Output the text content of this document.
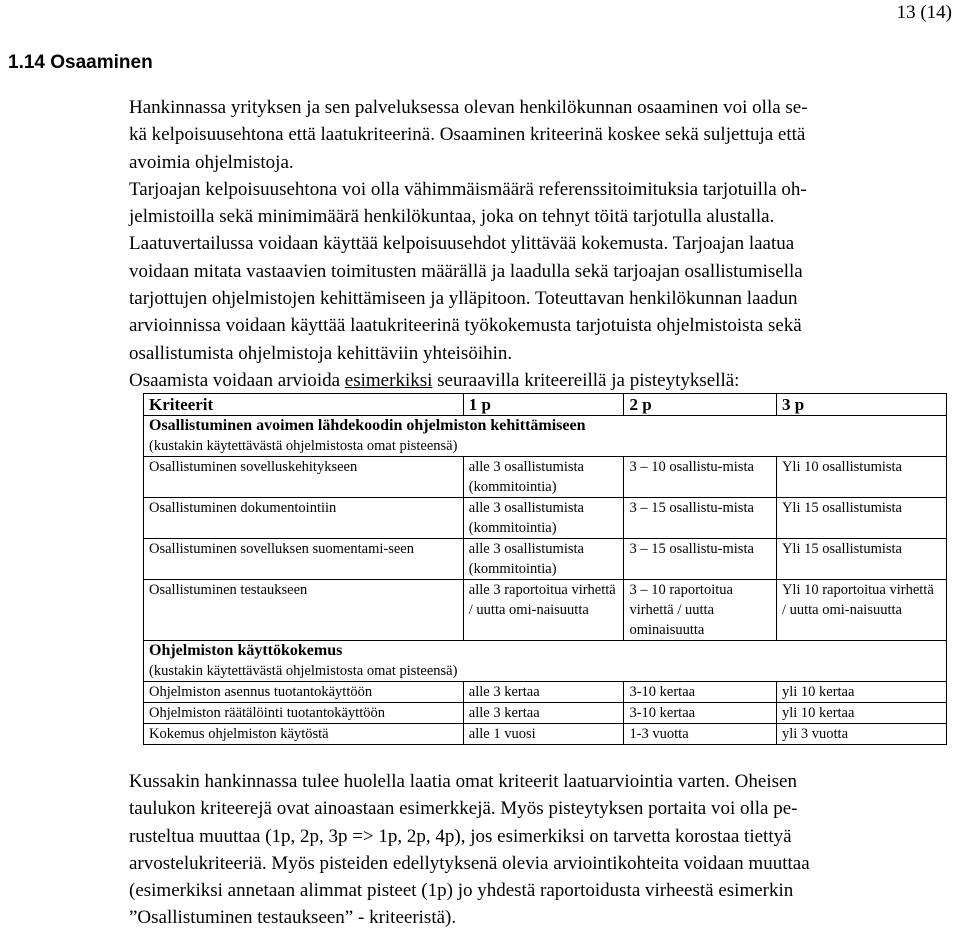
13 (14)
1.14 Osaaminen

Hankinnassa yrityksen ja sen palveluksessa olevan henkilökunnan osaaminen voi olla se-
kä kelpoisuusehtona että laatukriteerinä. Osaaminen kriteerinä koskee sekä suljettuja että
avoimia ohjelmistoja.

Tarjoajan kelpoisuusehtona voi olla vähimmäismäärä referenssitoimituksia tarjotuilla oh-
jelmistoilla sekä minimimäärä henkilökuntaa, joka on tehnyt töitä tarjotulla alustalla.

Laatuvertailussa voidaan käyttää kelpoisuusehdot ylittävää kokemusta. Tarjoajan laatua
voidaan mitata vastaavien toimitusten määrällä ja laadulla sekä tarjoajan osallistumisella
tarjottujen ohjelmistojen kehittämiseen ja ylläpitoon. Toteuttavan henkilökunnan laadun
arvioinnissa voidaan käyttää laatukriteerinä työkokemusta tarjotuista ohjelmistoista sekä
osallistumista ohjelmistoja kehittäviin yhteisöihin.

Osaamista voidaan arvioida esimerkiksi seuraavilla kriteereillä ja pisteytyksellä:

Kriteerit	1 p	2 p	3 p

Osallistuminen avoimen lähdekoodin ohjelmiston kehittämiseen
(kustakin käytettävästä ohjelmistosta omat pisteensä)			

Osallistuminen sovelluskehitykseen	alle 3 osallistumista (kommitointia)	3 – 10 osallistu-mista	Yli 10 osallistumista
Osallistuminen dokumentointiin	alle 3 osallistumista (kommitointia)	3 – 15 osallistu-mista	Yli 15 osallistumista
Osallistuminen sovelluksen suomentami-seen	alle 3 osallistumista (kommitointia)	3 – 15 osallistu-mista	Yli 15 osallistumista
Osallistuminen testaukseen	alle 3 raportoitua virhettä / uutta omi-naisuutta	3 – 10 raportoitua virhettä / uutta ominaisuutta	Yli 10 raportoitua virhettä / uutta omi-naisuutta

Ohjelmiston käyttökokemus
(kustakin käytettävästä ohjelmistosta omat pisteensä)			

Ohjelmiston asennus tuotantokäyttöön	alle 3 kertaa	3-10 kertaa	yli 10 kertaa
Ohjelmiston räätälöinti tuotantokäyttöön	alle 3 kertaa	3-10 kertaa	yli 10 kertaa
Kokemus ohjelmiston käytöstä	alle 1 vuosi	1-3 vuotta	yli 3 vuotta

Kussakin hankinnassa tulee huolella laatia omat kriteerit laatuarviointia varten. Oheisen
taulukon kriteerejä ovat ainoastaan esimerkkejä. Myös pisteytyksen portaita voi olla pe-
rusteltua muuttaa (1p, 2p, 3p => 1p, 2p, 4p), jos esimerkiksi on tarvetta korostaa tiettyä
arvostelukriteeriä. Myös pisteiden edellytyksenä olevia arviointikohteita voidaan muuttaa
(esimerkiksi annetaan alimmat pisteet (1p) jo yhdestä raportoidusta virheestä esimerkin
”Osallistuminen testaukseen” - kriteeristä).
